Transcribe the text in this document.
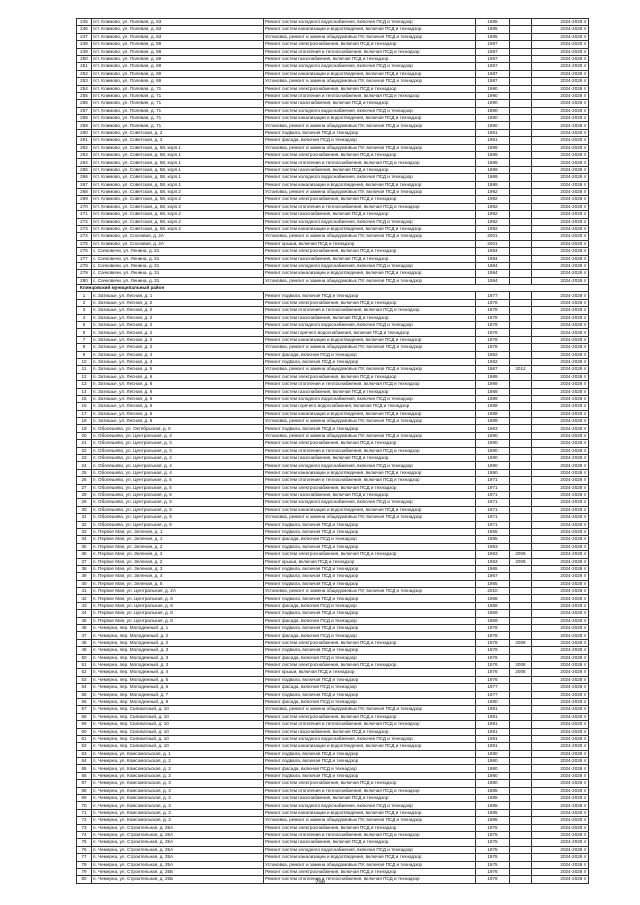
245	пгт. Климово, ул. Полевая, д. 63	Ремонт систем холодного водоснабжения, включая ПСД и технадзор	1985		2024-2028 гг
246	пгт. Климово, ул. Полевая, д. 63	Ремонт систем канализации и водоотведения, включая ПСД и технадзор	1985		2024-2028 гг
247	пгт. Климово, ул. Полевая, д. 63	Установка, ремонт и замена общедомовых ПУ, включая ПСД и технадзор	1985		2024-2028 гг
248	пгт. Климово, ул. Полевая, д. 69	Ремонт систем электроснабжения, включая ПСД и технадзор	1987		2024-2028 гг
249	пгт. Климово, ул. Полевая, д. 69	Ремонт систем отопления и теплоснабжения, включая ПСД и технадзор	1987		2024-2028 гг
250	пгт. Климово, ул. Полевая, д. 69	Ремонт систем газоснабжения, включая ПСД и технадзор	1987		2024-2028 гг
251	пгт. Климово, ул. Полевая, д. 69	Ремонт систем холодного водоснабжения, включая ПСД и технадзор	1987		2024-2028 гг
252	пгт. Климово, ул. Полевая, д. 69	Ремонт систем канализации и водоотведения, включая ПСД и технадзор	1987		2024-2028 гг
253	пгт. Климово, ул. Полевая, д. 69	Установка, ремонт и замена общедомовых ПУ, включая ПСД и технадзор	1987		2024-2028 гг
254	пгт. Климово, ул. Полевая, д. 71	Ремонт систем электроснабжения, включая ПСД и технадзор	1990		2024-2028 гг
255	пгт. Климово, ул. Полевая, д. 71	Ремонт систем отопления и теплоснабжения, включая ПСД и технадзор	1990		2024-2028 гг
256	пгт. Климово, ул. Полевая, д. 71	Ремонт систем газоснабжения, включая ПСД и технадзор	1990		2024-2028 гг
257	пгт. Климово, ул. Полевая, д. 71	Ремонт систем холодного водоснабжения, включая ПСД и технадзор	1990		2024-2028 гг
258	пгт. Климово, ул. Полевая, д. 71	Ремонт систем канализации и водоотведения, включая ПСД и технадзор	1990		2024-2028 гг
259	пгт. Климово, ул. Полевая, д. 71	Установка, ремонт и замена общедомовых ПУ, включая ПСД и технадзор	1990		2024-2028 гг
260	пгт. Климово, ул. Советская, д. 2	Ремонт подвала, включая ПСД и технадзор	1961		2024-2028 гг
261	пгт. Климово, ул. Советская, д. 2	Ремонт фасада, включая ПСД и технадзор	1961		2024-2028 гг
262	пгт. Климово, ул. Советская, д. 58, корп.1	Установка, ремонт и замена общедомовых ПУ, включая ПСД и технадзор	1989		2024-2028 гг
263	пгт. Климово, ул. Советская, д. 58, корп.1	Ремонт систем электроснабжения, включая ПСД и технадзор	1989		2024-2028 гг
264	пгт. Климово, ул. Советская, д. 58, корп.1	Ремонт систем отопления и теплоснабжения, включая ПСД и технадзор	1989		2024-2028 гг
265	пгт. Климово, ул. Советская, д. 58, корп.1	Ремонт систем газоснабжения, включая ПСД и технадзор	1989		2024-2028 гг
266	пгт. Климово, ул. Советская, д. 58, корп.1	Ремонт систем холодного водоснабжения, включая ПСД и технадзор	1989		2024-2028 гг
267	пгт. Климово, ул. Советская, д. 58, корп.1	Ремонт систем канализации и водоотведения, включая ПСД и технадзор	1989		2024-2028 гг
268	пгт. Климово, ул. Советская, д. 58, корп.2	Установка, ремонт и замена общедомовых ПУ, включая ПСД и технадзор	1992		2024-2028 гг
269	пгт. Климово, ул. Советская, д. 58, корп.2	Ремонт систем электроснабжения, включая ПСД и технадзор	1992		2024-2028 гг
270	пгт. Климово, ул. Советская, д. 58, корп.2	Ремонт систем отопления и теплоснабжения, включая ПСД и технадзор	1992		2024-2028 гг
271	пгт. Климово, ул. Советская, д. 58, корп.2	Ремонт систем газоснабжения, включая ПСД и технадзор	1992		2024-2028 гг
272	пгт. Климово, ул. Советская, д. 58, корп.2	Ремонт систем холодного водоснабжения, включая ПСД и технадзор	1992		2024-2028 гг
273	пгт. Климово, ул. Советская, д. 58, корп.2	Ремонт систем канализации и водоотведения, включая ПСД и технадзор	1992		2024-2028 гг
274	пгт. Климово, ул. Сосновая, д. 2А	Установка, ремонт и замена общедомовых ПУ, включая ПСД и технадзор	2001		2024-2028 гг
275	пгт. Климово, ул. Сосновая, д. 2А	Ремонт крыши, включая ПСД и технадзор	2001		2024-2028 гг
276	с. Сачковичи, ул. Ленина, д. 31	Ремонт систем электроснабжения, включая ПСД и технадзор	1984		2024-2028 гг
277	с. Сачковичи, ул. Ленина, д. 31	Ремонт систем газоснабжения, включая ПСД и технадзор	1984		2024-2028 гг
278	с. Сачковичи, ул. Ленина, д. 31	Ремонт систем холодного водоснабжения, включая ПСД и технадзор	1984		2024-2028 гг
279	с. Сачковичи, ул. Ленина, д. 31	Ремонт систем канализации и водоотведения, включая ПСД и технадзор	1984		2024-2028 гг
280	с. Сачковичи, ул. Ленина, д. 31	Установка, ремонт и замена общедомовых ПУ, включая ПСД и технадзор	1984		2024-2028 гг
Клинцовский муниципальный район					
1	п. Затишье, ул. Лесная, д. 1	Ремонт подвала, включая ПСД и технадзор	1977		2024-2028 гг
2	п. Затишье, ул. Лесная, д. 2	Ремонт систем электроснабжения, включая ПСД и технадзор	1978		2024-2028 гг
3	п. Затишье, ул. Лесная, д. 2	Ремонт систем отопления и теплоснабжения, включая ПСД и технадзор	1978		2024-2028 гг
4	п. Затишье, ул. Лесная, д. 2	Ремонт систем газоснабжения, включая ПСД и технадзор	1978		2024-2028 гг
5	п. Затишье, ул. Лесная, д. 2	Ремонт систем холодного водоснабжения, включая ПСД и технадзор	1978		2024-2028 гг
6	п. Затишье, ул. Лесная, д. 2	Ремонт систем горячего водоснабжения, включая ПСД и технадзор	1978		2024-2028 гг
7	п. Затишье, ул. Лесная, д. 2	Ремонт систем канализации и водоотведения, включая ПСД и технадзор	1978		2024-2028 гг
8	п. Затишье, ул. Лесная, д. 2	Установка, ремонт и замена общедомовых ПУ, включая ПСД и технадзор	1978		2024-2028 гг
9	п. Затишье, ул. Лесная, д. 4	Ремонт фасада, включая ПСД и технадзор	1982		2024-2028 гг
10	п. Затишье, ул. Лесная, д. 4	Ремонт подвала, включая ПСД и технадзор	1982		2024-2028 гг
11	п. Затишье, ул. Лесная, д. 5	Установка, ремонт и замена общедомовых ПУ, включая ПСД и технадзор	1987	2012	2024-2028 гг
12	п. Затишье, ул. Лесная, д. 6	Ремонт систем электроснабжения, включая ПСД и технадзор	1989		2024-2028 гг
13	п. Затишье, ул. Лесная, д. 6	Ремонт систем отопления и теплоснабжения, включая ПСД и технадзор	1989		2024-2028 гг
14	п. Затишье, ул. Лесная, д. 6	Ремонт систем газоснабжения, включая ПСД и технадзор	1989		2024-2028 гг
15	п. Затишье, ул. Лесная, д. 6	Ремонт систем холодного водоснабжения, включая ПСД и технадзор	1989		2024-2028 гг
16	п. Затишье, ул. Лесная, д. 6	Ремонт систем горячего водоснабжения, включая ПСД и технадзор	1989		2024-2028 гг
17	п. Затишье, ул. Лесная, д. 6	Ремонт систем канализации и водоотведения, включая ПСД и технадзор	1989		2024-2028 гг
18	п. Затишье, ул. Лесная, д. 6	Установка, ремонт и замена общедомовых ПУ, включая ПСД и технадзор	1989		2024-2028 гг
19	п. Оболешево, ул. Октябрьская, д. 5	Ремонт подвала, включая ПСД и технадзор	1963		2024-2028 гг
20	п. Оболешево, ул. Центральная, д. 4	Установка, ремонт и замена общедомовых ПУ, включая ПСД и технадзор	1990		2024-2028 гг
21	п. Оболешево, ул. Центральная, д. 4	Ремонт систем электроснабжения, включая ПСД и технадзор	1990		2024-2028 гг
22	п. Оболешево, ул. Центральная, д. 4	Ремонт систем отопления и теплоснабжения, включая ПСД и технадзор	1990		2024-2028 гг
23	п. Оболешево, ул. Центральная, д. 4	Ремонт систем газоснабжения, включая ПСД и технадзор	1990		2024-2028 гг
24	п. Оболешево, ул. Центральная, д. 4	Ремонт систем холодного водоснабжения, включая ПСД и технадзор	1990		2024-2028 гг
25	п. Оболешево, ул. Центральная, д. 4	Ремонт систем канализации и водоотведения, включая ПСД и технадзор	1990		2024-2028 гг
26	п. Оболешево, ул. Центральная, д. 5	Ремонт систем отопления и теплоснабжения, включая ПСД и технадзор	1971		2024-2028 гг
27	п. Оболешево, ул. Центральная, д. 5	Ремонт систем электроснабжения, включая ПСД и технадзор	1971		2024-2028 гг
28	п. Оболешево, ул. Центральная, д. 5	Ремонт систем газоснабжения, включая ПСД и технадзор	1971		2024-2028 гг
29	п. Оболешево, ул. Центральная, д. 5	Ремонт систем холодного водоснабжения, включая ПСД и технадзор	1971		2024-2028 гг
30	п. Оболешево, ул. Центральная, д. 5	Ремонт систем канализации и водоотведения, включая ПСД и технадзор	1971		2024-2028 гг
31	п. Оболешево, ул. Центральная, д. 5	Установка, ремонт и замена общедомовых ПУ, включая ПСД и технадзор	1971		2024-2028 гг
32	п. Оболешево, ул. Центральная, д. 6	Ремонт подвала, включая ПСД и технадзор	1971		2024-2028 гг
33	п. Первое Мая, ул. Зеленая, д. 1	Ремонт подвала, включая ПСД и технадзор	1965		2024-2028 гг
34	п. Первое Мая, ул. Зеленая, д. 1	Ремонт фасада, включая ПСД и технадзор	1965		2024-2028 гг
35	п. Первое Мая, ул. Зеленая, д. 2	Ремонт подвала, включая ПСД и технадзор	1963		2024-2028 гг
36	п. Первое Мая, ул. Зеленая, д. 2	Ремонт систем электроснабжения, включая ПСД и технадзор	1963	2008	2024-2028 гг
37	п. Первое Мая, ул. Зеленая, д. 2	Ремонт крыши, включая ПСД и технадзор	1963	2008	2024-2028 гг
38	п. Первое Мая, ул. Зеленая, д. 3	Ремонт подвала, включая ПСД и технадзор	1965		2024-2028 гг
39	п. Первое Мая, ул. Зеленая, д. 4	Ремонт подвала, включая ПСД и технадзор	1967		2024-2028 гг
40	п. Первое Мая, ул. Зеленая, д. 5	Ремонт подвала, включая ПСД и технадзор	1965		2024-2028 гг
41	п. Первое Мая, ул. Центральная, д. 2А	Установка, ремонт и замена общедомовых ПУ, включая ПСД и технадзор	2010		2024-2028 гг
42	п. Первое Мая, ул. Центральная, д. 6	Ремонт подвала, включая ПСД и технадзор	1968		2024-2028 гг
43	п. Первое Мая, ул. Центральная, д. 6	Ремонт фасада, включая ПСД и технадзор	1968		2024-2028 гг
44	п. Первое Мая, ул. Центральная, д. 8	Ремонт подвала, включая ПСД и технадзор	1969		2024-2028 гг
45	п. Первое Мая, ул. Центральная, д. 8	Ремонт фасада, включая ПСД и технадзор	1969		2024-2028 гг
46	п. Чемерна, пер. Молодежный, д. 1	Ремонт подвала, включая ПСД и технадзор	1978		2024-2028 гг
47	п. Чемерна, пер. Молодежный, д. 2	Ремонт фасада, включая ПСД и технадзор	1978		2024-2028 гг
48	п. Чемерна, пер. Молодежный, д. 2	Ремонт систем электроснабжения, включая ПСД и технадзор	1978	2008	2024-2028 гг
49	п. Чемерна, пер. Молодежный, д. 3	Ремонт подвала, включая ПСД и технадзор	1976		2024-2028 гг
50	п. Чемерна, пер. Молодежный, д. 3	Ремонт фасада, включая ПСД и технадзор	1976		2024-2028 гг
51	п. Чемерна, пер. Молодежный, д. 3	Ремонт систем электроснабжения, включая ПСД и технадзор	1976	2008	2024-2028 гг
52	п. Чемерна, пер. Молодежный, д. 4	Ремонт крыши, включая ПСД и технадзор	1976	2008	2024-2028 гг
53	п. Чемерна, пер. Молодежный, д. 5	Ремонт подвала, включая ПСД и технадзор	1976		2024-2028 гг
54	п. Чемерна, пер. Молодежный, д. 6	Ремонт фасада, включая ПСД и технадзор	1977		2024-2028 гг
55	п. Чемерна, пер. Молодежный, д. 7	Ремонт подвала, включая ПСД и технадзор	1977		2024-2028 гг
56	п. Чемерна, пер. Молодежный, д. 8	Ремонт фасада, включая ПСД и технадзор	1980		2024-2028 гг
57	п. Чемерна, пер. Силикатный, д. 10	Установка, ремонт и замена общедомовых ПУ, включая ПСД и технадзор	1991		2024-2028 гг
58	п. Чемерна, пер. Силикатный, д. 10	Ремонт систем электроснабжения, включая ПСД и технадзор	1991		2024-2028 гг
59	п. Чемерна, пер. Силикатный, д. 10	Ремонт систем отопления и теплоснабжения, включая ПСД и технадзор	1991		2024-2028 гг
60	п. Чемерна, пер. Силикатный, д. 10	Ремонт систем газоснабжения, включая ПСД и технадзор	1991		2024-2028 гг
61	п. Чемерна, пер. Силикатный, д. 10	Ремонт систем холодного водоснабжения, включая ПСД и технадзор	1991		2024-2028 гг
62	п. Чемерна, пер. Силикатный, д. 10	Ремонт систем канализации и водоотведения, включая ПСД и технадзор	1991		2024-2028 гг
63	п. Чемерна, ул. Комсомольская, д. 1	Ремонт подвала, включая ПСД и технадзор	1980		2024-2028 гг
64	п. Чемерна, ул. Комсомольская, д. 2	Ремонт подвала, включая ПСД и технадзор	1980		2024-2028 гг
65	п. Чемерна, ул. Комсомольская, д. 2	Ремонт фасада, включая ПСД и технадзор	1980		2024-2028 гг
66	п. Чемерна, ул. Комсомольская, д. 3	Ремонт подвала, включая ПСД и технадзор	1980		2024-2028 гг
67	п. Чемерна, ул. Комсомольская, д. 3	Ремонт систем электроснабжения, включая ПСД и технадзор	1980		2024-2028 гг
68	п. Чемерна, ул. Комсомольская, д. 3	Ремонт систем отопления и теплоснабжения, включая ПСД и технадзор	1985		2024-2028 гг
69	п. Чемерна, ул. Комсомольская, д. 3	Ремонт систем газоснабжения, включая ПСД и технадзор	1985		2024-2028 гг
70	п. Чемерна, ул. Комсомольская, д. 3	Ремонт систем холодного водоснабжения, включая ПСД и технадзор	1985		2024-2028 гг
71	п. Чемерна, ул. Комсомольская, д. 3	Ремонт систем канализации и водоотведения, включая ПСД и технадзор	1985		2024-2028 гг
72	п. Чемерна, ул. Комсомольская, д. 3	Установка, ремонт и замена общедомовых ПУ, включая ПСД и технадзор	1985		2024-2028 гг
73	п. Чемерна, ул. Строительная, д. 25А	Ремонт систем электроснабжения, включая ПСД и технадзор	1975		2024-2028 гг
74	п. Чемерна, ул. Строительная, д. 25А	Ремонт систем отопления и теплоснабжения, включая ПСД и технадзор	1975		2024-2028 гг
75	п. Чемерна, ул. Строительная, д. 25А	Ремонт систем газоснабжения, включая ПСД и технадзор	1975		2024-2028 гг
76	п. Чемерна, ул. Строительная, д. 25А	Ремонт систем холодного водоснабжения, включая ПСД и технадзор	1975		2024-2028 гг
77	п. Чемерна, ул. Строительная, д. 25А	Ремонт систем канализации и водоотведения, включая ПСД и технадзор	1975		2024-2028 гг
78	п. Чемерна, ул. Строительная, д. 25А	Установка, ремонт и замена общедомовых ПУ, включая ПСД и технадзор	1975		2024-2028 гг
79	п. Чемерна, ул. Строительная, д. 25Б	Ремонт систем электроснабжения, включая ПСД и технадзор	1976		2024-2028 гг
80	п. Чемерна, ул. Строительная, д. 25Б	Ремонт систем отопления и теплоснабжения, включая ПСД и технадзор	1976		2024-2028 гг
298
